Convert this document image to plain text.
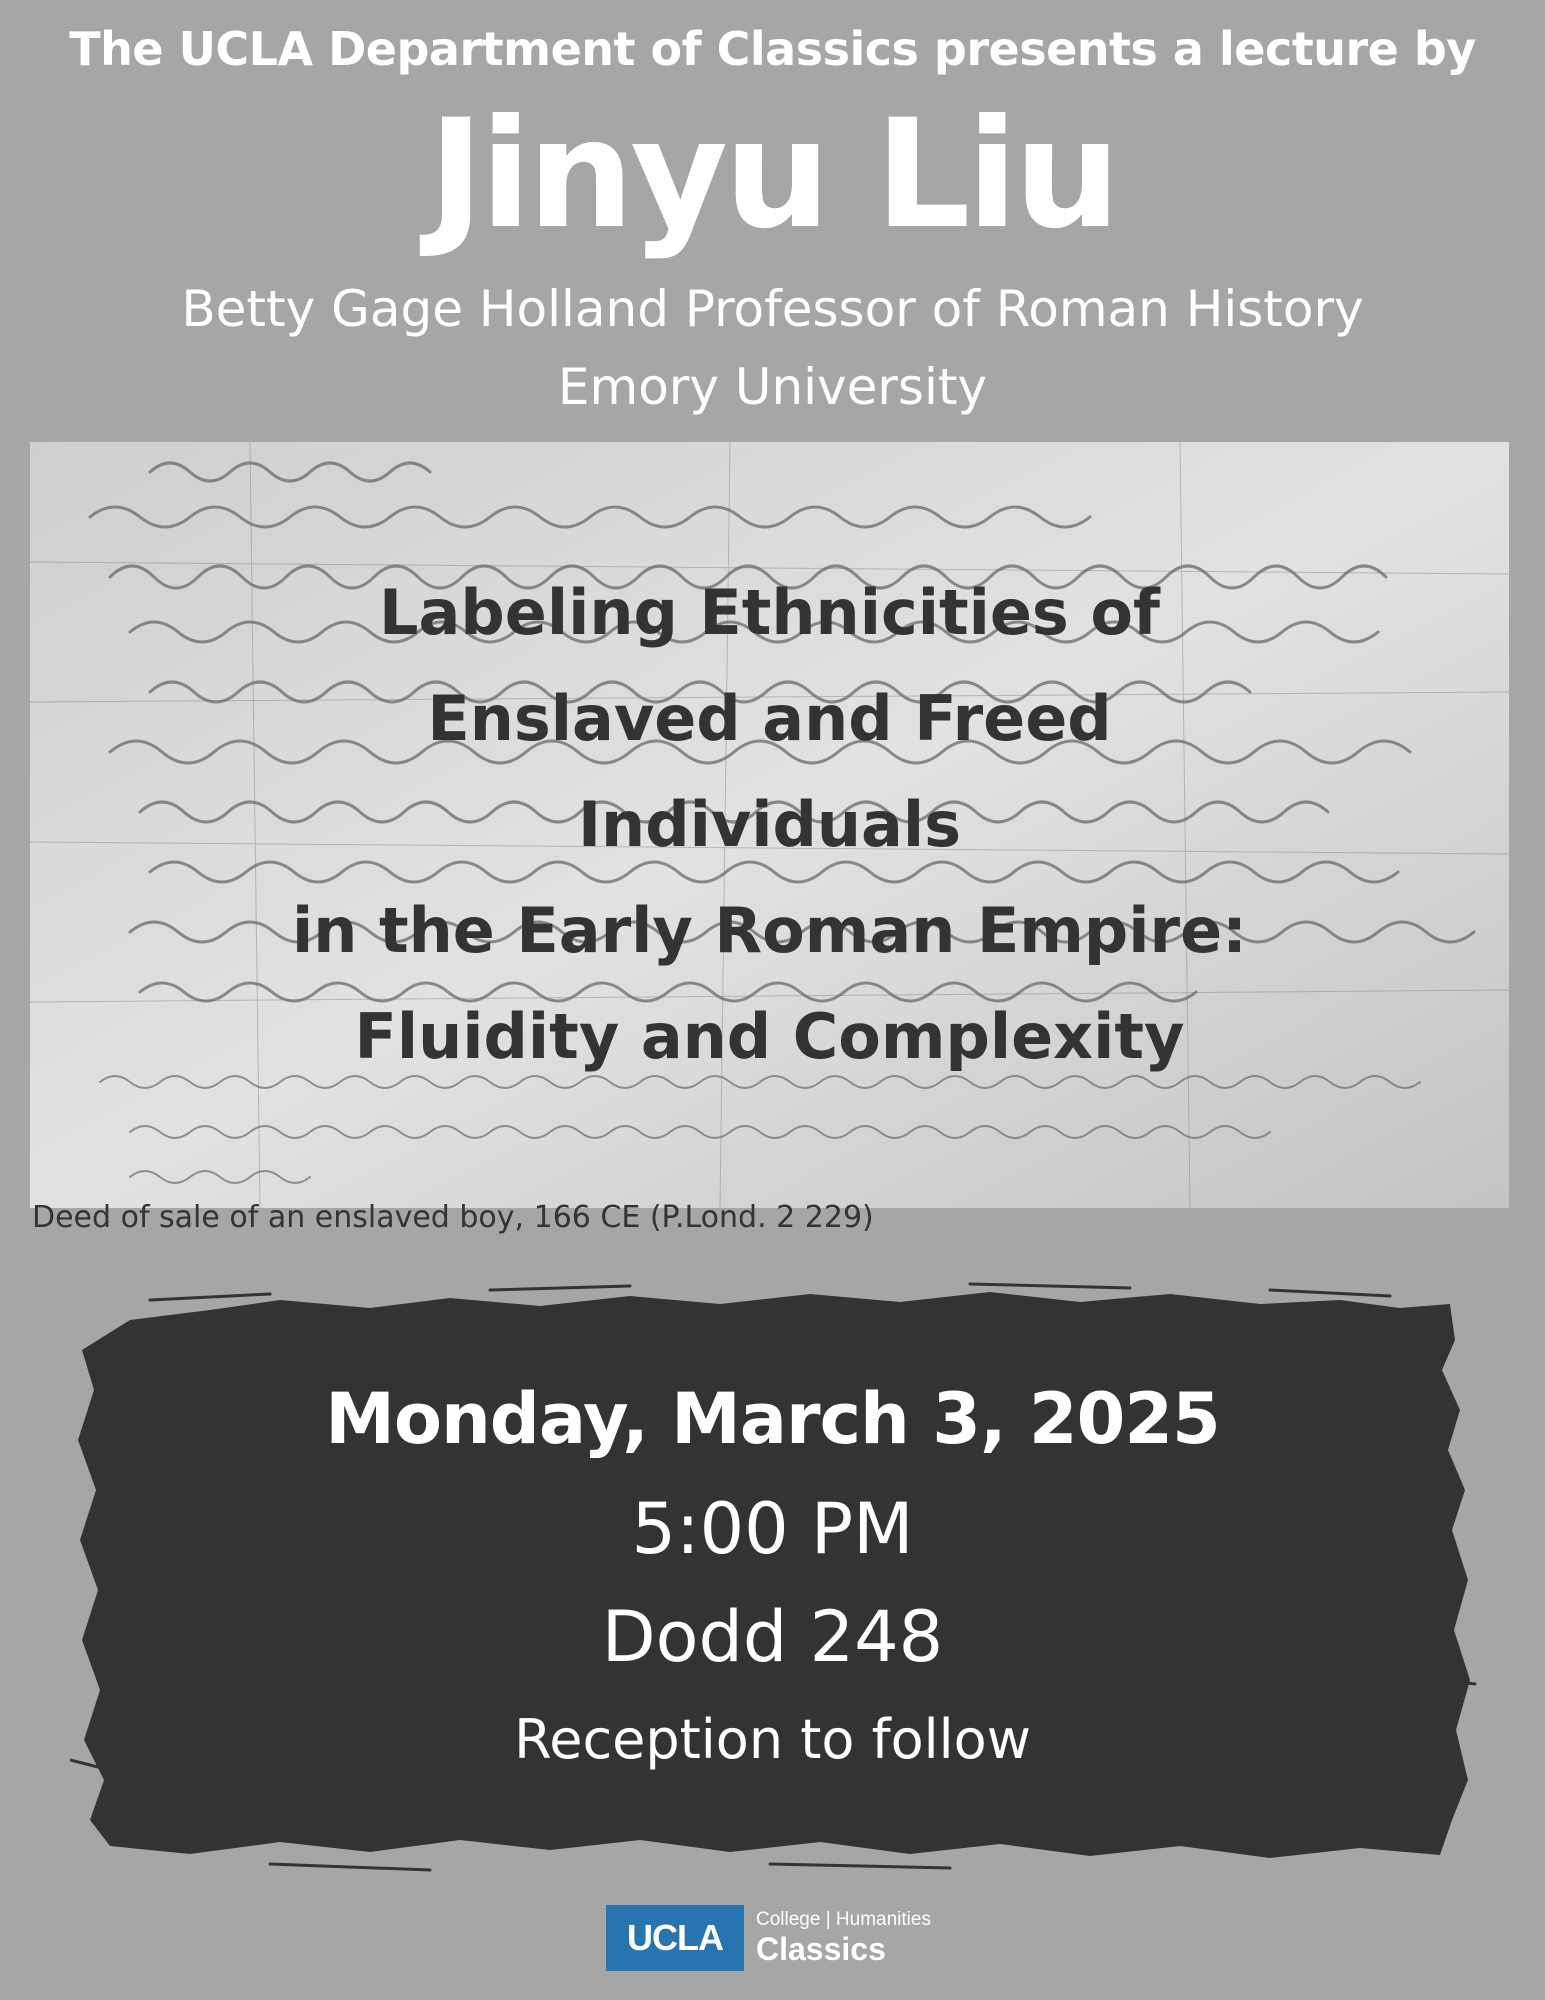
The UCLA Department of Classics presents a lecture by
Jinyu Liu
Betty Gage Holland Professor of Roman History
Emory University
Labeling Ethnicities of
Enslaved and Freed
Individuals
in the Early Roman Empire:
Fluidity and Complexity
Deed of sale of an enslaved boy, 166 CE (P.Lond. 2 229)
Monday, March 3, 2025
5:00 PM
Dodd 248
Reception to follow
UCLA	College | Humanities
Classics
